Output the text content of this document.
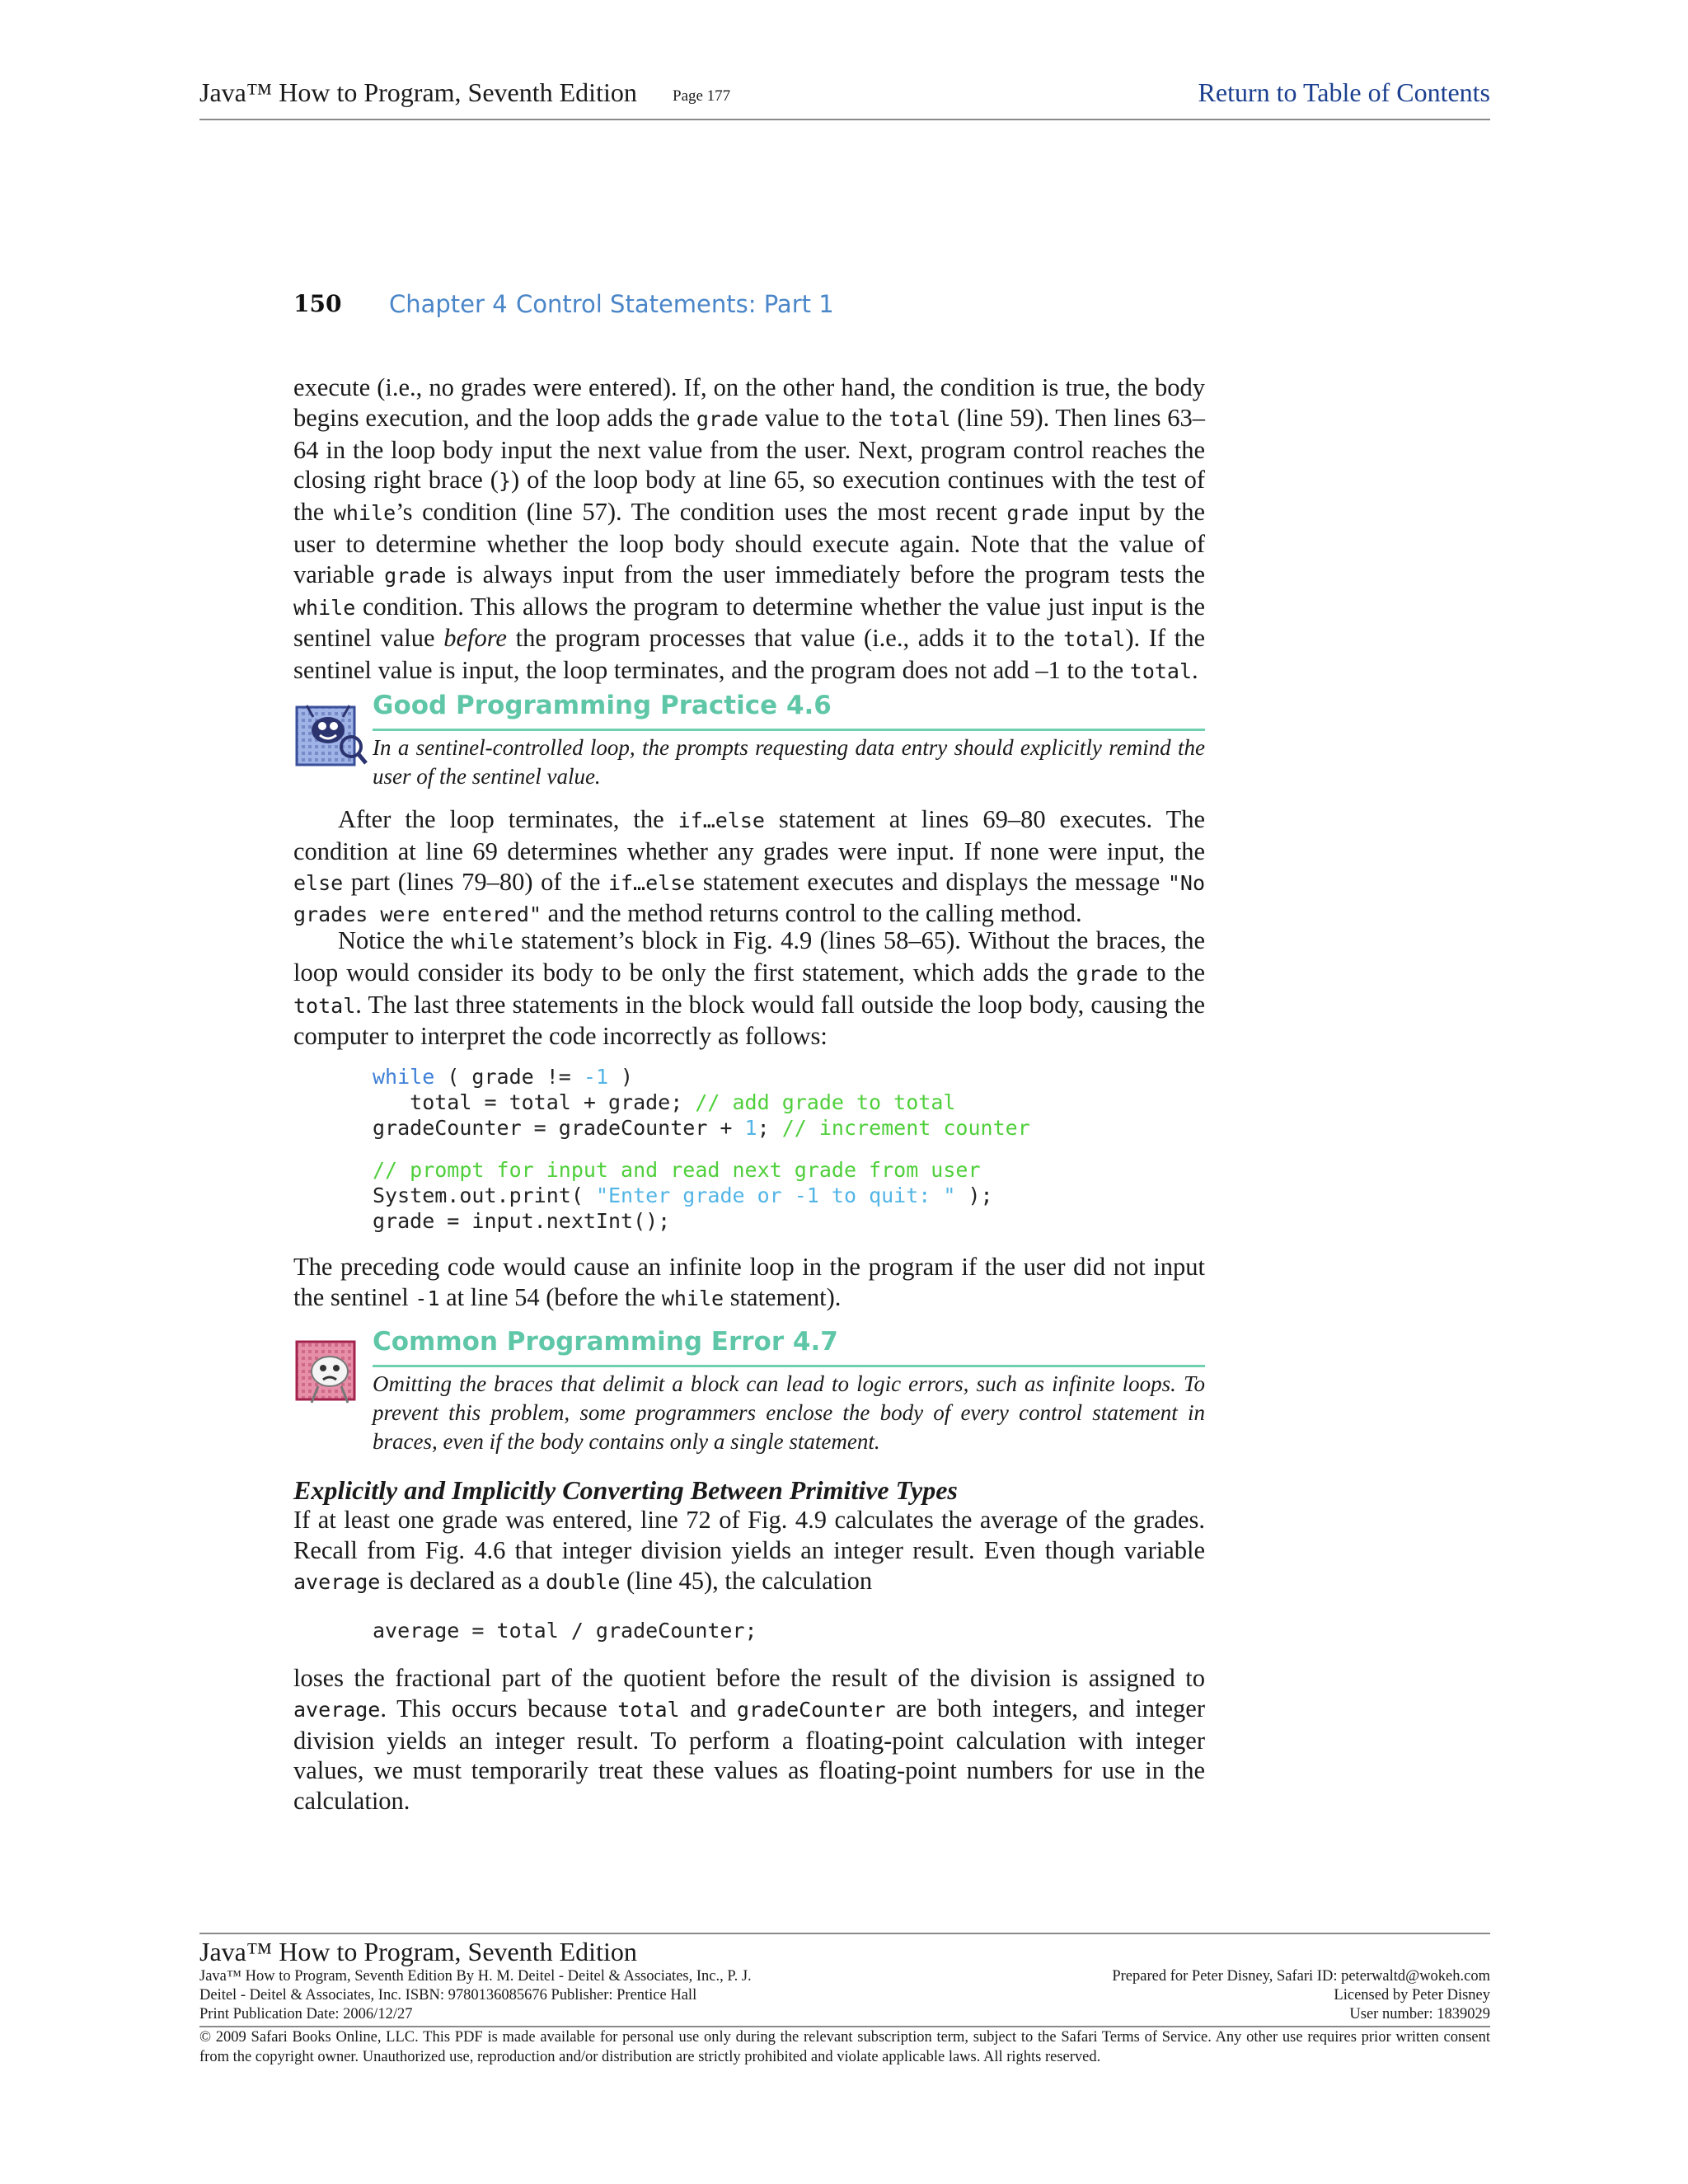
Java™ How to Program, Seventh Edition Page 177	Return to Table of Contents
150 Chapter 4 Control Statements: Part 1

execute (i.e., no grades were entered). If, on the other hand, the condition is true, the body begins execution, and the loop adds the grade value to the total (line 59). Then lines 63–64 in the loop body input the next value from the user. Next, program control reaches the closing right brace (}) of the loop body at line 65, so execution continues with the test of the while’s condition (line 57). The condition uses the most recent grade input by the user to determine whether the loop body should execute again. Note that the value of variable grade is always input from the user immediately before the program tests the while condition. This allows the program to determine whether the value just input is the sentinel value before the program processes that value (i.e., adds it to the total). If the sentinel value is input, the loop terminates, and the program does not add –1 to the total.

Good Programming Practice 4.6
In a sentinel-controlled loop, the prompts requesting data entry should explicitly remind the user of the sentinel value.

After the loop terminates, the if…else statement at lines 69–80 executes. The condition at line 69 determines whether any grades were input. If none were input, the else part (lines 79–80) of the if…else statement executes and displays the message "No grades were entered" and the method returns control to the calling method.

Notice the while statement’s block in Fig. 4.9 (lines 58–65). Without the braces, the loop would consider its body to be only the first statement, which adds the grade to the total. The last three statements in the block would fall outside the loop body, causing the computer to interpret the code incorrectly as follows:

while ( grade != -1 )
total = total + grade; // add grade to total
gradeCounter = gradeCounter + 1; // increment counter
// prompt for input and read next grade from user
System.out.print( "Enter grade or -1 to quit: " );
grade = input.nextInt();

The preceding code would cause an infinite loop in the program if the user did not input the sentinel -1 at line 54 (before the while statement).

Common Programming Error 4.7
Omitting the braces that delimit a block can lead to logic errors, such as infinite loops. To prevent this problem, some programmers enclose the body of every control statement in braces, even if the body contains only a single statement.
Explicitly and Implicitly Converting Between Primitive Types

If at least one grade was entered, line 72 of Fig. 4.9 calculates the average of the grades. Recall from Fig. 4.6 that integer division yields an integer result. Even though variable average is declared as a double (line 45), the calculation

average = total / gradeCounter;

loses the fractional part of the quotient before the result of the division is assigned to average. This occurs because total and gradeCounter are both integers, and integer division yields an integer result. To perform a floating-point calculation with integer values, we must temporarily treat these values as floating-point numbers for use in the calculation.

Java™ How to Program, Seventh Edition
Java™ How to Program, Seventh Edition By H. M. Deitel - Deitel & Associates, Inc., P. J.
Deitel - Deitel & Associates, Inc. ISBN: 9780136085676 Publisher: Prentice Hall
Print Publication Date: 2006/12/27
Prepared for Peter Disney, Safari ID: peterwaltd@wokeh.com
Licensed by Peter Disney
User number: 1839029
© 2009 Safari Books Online, LLC. This PDF is made available for personal use only during the relevant subscription term, subject to the Safari Terms of Service. Any other use requires prior written consent from the copyright owner. Unauthorized use, reproduction and/or distribution are strictly prohibited and violate applicable laws. All rights reserved.
